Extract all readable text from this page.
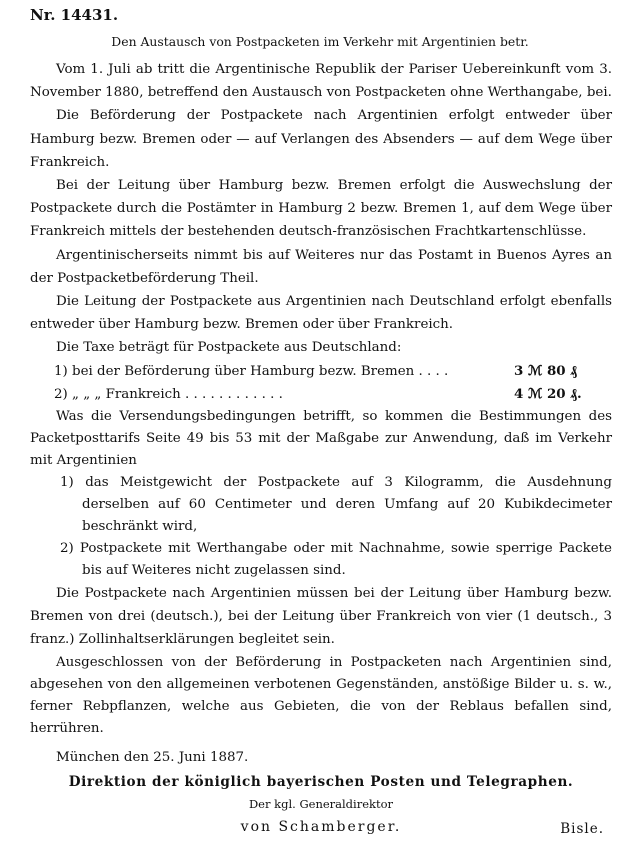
Nr. 14431.
Den Austausch von Postpacketen im Verkehr mit Argentinien betr.

Vom 1. Juli ab tritt die Argentinische Republik der Pariser Uebereinkunft vom 3. November 1880, betreffend den Austausch von Postpacketen ohne Werthangabe, bei.

Die Beförderung der Postpackete nach Argentinien erfolgt entweder über Hamburg bezw. Bremen oder — auf Verlangen des Absenders — auf dem Wege über Frankreich.

Bei der Leitung über Hamburg bezw. Bremen erfolgt die Auswechslung der Postpackete durch die Postämter in Hamburg 2 bezw. Bremen 1, auf dem Wege über Frankreich mittels der bestehenden deutsch-französischen Frachtkartenschlüsse.

Argentinischerseits nimmt bis auf Weiteres nur das Postamt in Buenos Ayres an der Postpacketbeförderung Theil.

Die Leitung der Postpackete aus Argentinien nach Deutschland erfolgt ebenfalls entweder über Hamburg bezw. Bremen oder über Frankreich.

Die Taxe beträgt für Postpackete aus Deutschland:

1) bei der Beförderung über Hamburg bezw. Bremen . . . .	3 ℳ 80 ₰
2) „ „ „ Frankreich . . . . . . . . . . . .	4 ℳ 20 ₰.

Was die Versendungsbedingungen betrifft, so kommen die Bestimmungen des Packetposttarifs Seite 49 bis 53 mit der Maßgabe zur Anwendung, daß im Verkehr mit Argentinien

1) das Meistgewicht der Postpackete auf 3 Kilogramm, die Ausdehnung derselben auf 60 Centimeter und deren Umfang auf 20 Kubikdecimeter beschränkt wird,

2) Postpackete mit Werthangabe oder mit Nachnahme, sowie sperrige Packete bis auf Weiteres nicht zugelassen sind.

Die Postpackete nach Argentinien müssen bei der Leitung über Hamburg bezw. Bremen von drei (deutsch.), bei der Leitung über Frankreich von vier (1 deutsch., 3 franz.) Zollinhaltserklärungen begleitet sein.

Ausgeschlossen von der Beförderung in Postpacketen nach Argentinien sind, abgesehen von den allgemeinen verbotenen Gegenständen, anstößige Bilder u. s. w., ferner Rebpflanzen, welche aus Gebieten, die von der Reblaus befallen sind, herrühren.

München den 25. Juni 1887.

Direktion der königlich bayerischen Posten und Telegraphen.
Der kgl. Generaldirektor
von Schamberger.	Bisle.
